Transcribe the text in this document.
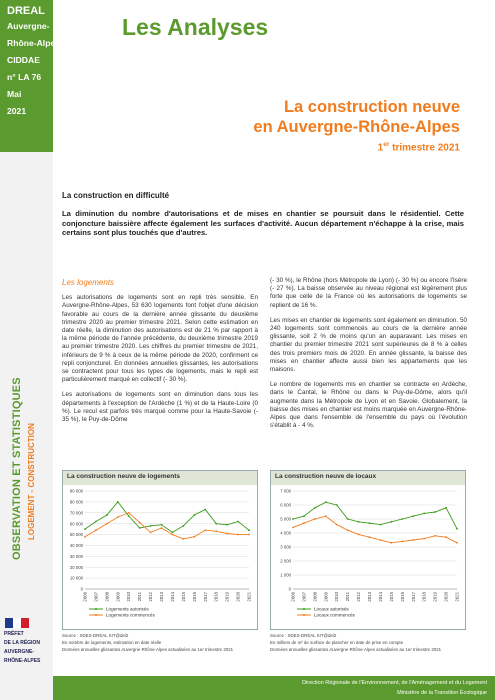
DREAL
Auvergne-
Rhône-Alpes
CIDDAE
n° LA 76
Mai
2021
OBSERVATION ET STATISTIQUES LOGEMENT - CONSTRUCTION
PRÉFET
DE LA RÉGION
AUVERGNE-
RHÔNE-ALPES
Les Analyses
La construction neuve
en Auvergne-Rhône-Alpes
1er trimestre 2021
La construction en difficulté
La diminution du nombre d'autorisations et de mises en chantier se poursuit dans le résidentiel. Cette conjoncture baissière affecte également les surfaces d'activité. Aucun département n'échappe à la crise, mais certains sont plus touchés que d'autres.
Les logements

Les autorisations de logements sont en repli très sensible. En Auvergne-Rhône-Alpes, 53 630 logements font l'objet d'une décision favorable au cours de la dernière année glissante du deuxième trimestre 2020 au premier trimestre 2021. Selon cette estimation en date réelle, la diminution des autorisations est de 21 % par rapport à la même période de l'année précédente, du deuxième trimestre 2019 au premier trimestre 2020. Les chiffres du premier trimestre de 2021, inférieurs de 9 % à ceux de la même période de 2020, confirment ce repli conjoncturel. En données annuelles glissantes, les autorisations se contractent pour tous les types de logements, mais le repli est particulièrement marqué en collectif (- 30 %).

Les autorisations de logements sont en diminution dans tous les départements à l'exception de l'Ardèche (1 %) et de la Haute-Loire (0 %). Le recul est parfois très marqué comme pour la Haute-Savoie (- 35 %), le Puy-de-Dôme

(- 30 %), le Rhône (hors Métropole de Lyon) (- 30 %) ou encore l'Isère (- 27 %). La baisse observée au niveau régional est légèrement plus forte que celle de la France où les autorisations de logements se replient de 16 %.

Les mises en chantier de logements sont également en diminution. 50 240 logements sont commencés au cours de la dernière année glissante, soit 2 % de moins qu'un an auparavant. Les mises en chantier du premier trimestre 2021 sont supérieures de 8 % à celles des trois premiers mois de 2020. En année glissante, la baisse des mises en chantier affecte aussi bien les appartements que les maisons.

Le nombre de logements mis en chantier se contracte en Ardèche, dans le Cantal, le Rhône ou dans le Puy-de-Dôme, alors qu'il augmente dans la Métropole de Lyon et en Savoie. Globalement, la baisse des mises en chantier est moins marquée en Auvergne-Rhône-Alpes que dans l'ensemble de l'ensemble du pays où l'évolution s'établit à - 4 %.

La construction neuve de logements
0
10 000
20 000
30 000
40 000
50 000
60 000
70 000
80 000
90 000
2006 2007 2008 2009 2010 2011 2012 2013 2014 2015 2016 2017 2018 2019 2020 2021
Logements autorisés
Logements commencés
La construction neuve de locaux
0
1 000
2 000
3 000
4 000
5 000
6 000
7 000
2006 2007 2008 2009 2010 2011 2012 2013 2014 2015 2016 2017 2018 2019 2020 2021
Locaux autorisés
Locaux commencés
Source : SDES-DREAL SIT@del2
En nombre de logements, estimation en date réelle
Données annuelles glissantes Auvergne-Rhône-Alpes actualisées au 1er trimestre 2021
Source : SDES-DREAL SIT@del2
En milliers de m² de surface de plancher en date de prise en compte
Données annuelles glissantes Auvergne-Rhône-Alpes actualisées au 1er trimestre 2021
Direction Régionale de l'Environnement, de l'Aménagement et du Logement
Ministère de la Transition Écologique
